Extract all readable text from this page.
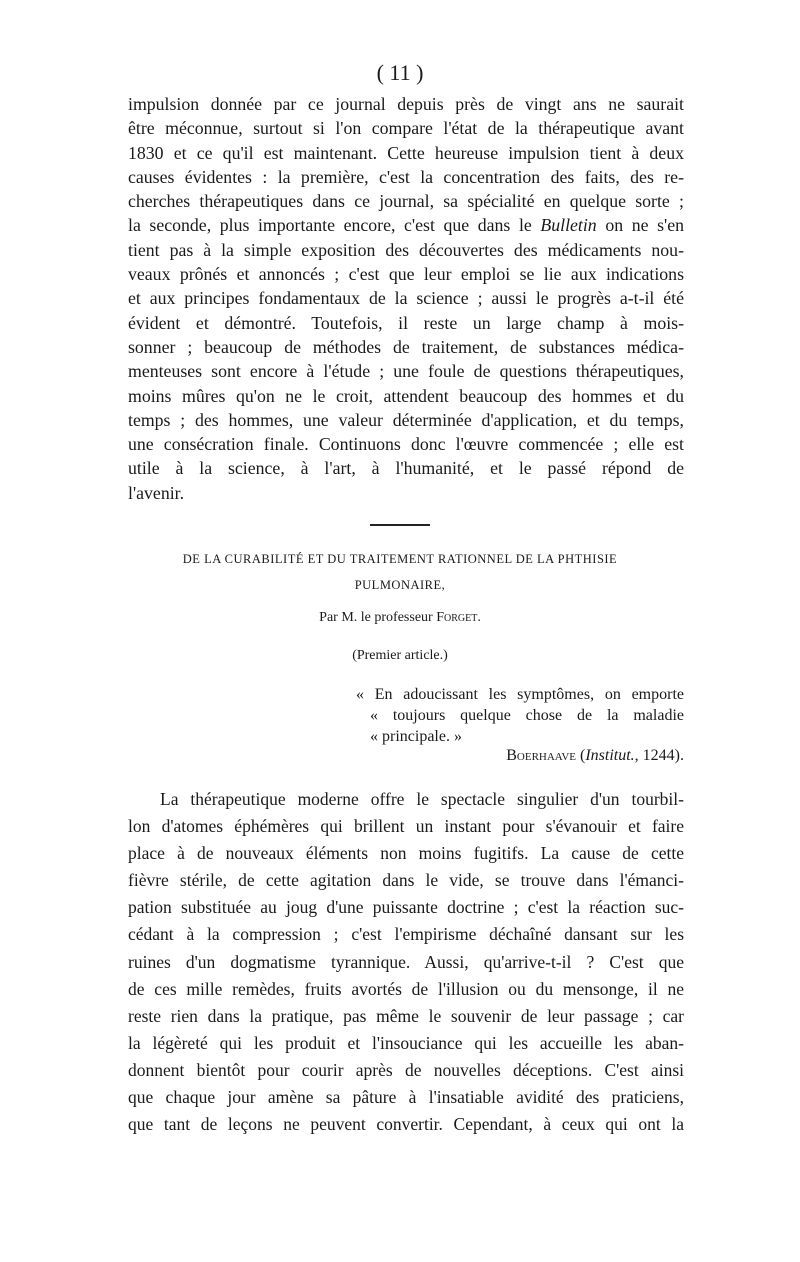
( 11 )
impulsion donnée par ce journal depuis près de vingt ans ne saurait
être méconnue, surtout si l'on compare l'état de la thérapeutique avant
1830 et ce qu'il est maintenant. Cette heureuse impulsion tient à deux
causes évidentes : la première, c'est la concentration des faits, des re-
cherches thérapeutiques dans ce journal, sa spécialité en quelque sorte ;
la seconde, plus importante encore, c'est que dans le Bulletin on ne s'en
tient pas à la simple exposition des découvertes des médicaments nou-
veaux prônés et annoncés ; c'est que leur emploi se lie aux indications
et aux principes fondamentaux de la science ; aussi le progrès a-t-il été
évident et démontré. Toutefois, il reste un large champ à mois-
sonner ; beaucoup de méthodes de traitement, de substances médica-
menteuses sont encore à l'étude ; une foule de questions thérapeutiques,
moins mûres qu'on ne le croit, attendent beaucoup des hommes et du
temps ; des hommes, une valeur déterminée d'application, et du temps,
une consécration finale. Continuons donc l'œuvre commencée ; elle est
utile à la science, à l'art, à l'humanité, et le passé répond de
l'avenir.
DE LA CURABILITÉ ET DU TRAITEMENT RATIONNEL DE LA PHTHISIE
PULMONAIRE,
Par M. le professeur Forget.
(Premier article.)
« En adoucissant les symptômes, on emporte
« toujours quelque chose de la maladie
« principale. »
Boerhaave (Institut., 1244).
La thérapeutique moderne offre le spectacle singulier d'un tourbil-
lon d'atomes éphémères qui brillent un instant pour s'évanouir et faire
place à de nouveaux éléments non moins fugitifs. La cause de cette
fièvre stérile, de cette agitation dans le vide, se trouve dans l'émanci-
pation substituée au joug d'une puissante doctrine ; c'est la réaction suc-
cédant à la compression ; c'est l'empirisme déchaîné dansant sur les
ruines d'un dogmatisme tyrannique. Aussi, qu'arrive-t-il ? C'est que
de ces mille remèdes, fruits avortés de l'illusion ou du mensonge, il ne
reste rien dans la pratique, pas même le souvenir de leur passage ; car
la légèreté qui les produit et l'insouciance qui les accueille les aban-
donnent bientôt pour courir après de nouvelles déceptions. C'est ainsi
que chaque jour amène sa pâture à l'insatiable avidité des praticiens,
que tant de leçons ne peuvent convertir. Cependant, à ceux qui ont la
